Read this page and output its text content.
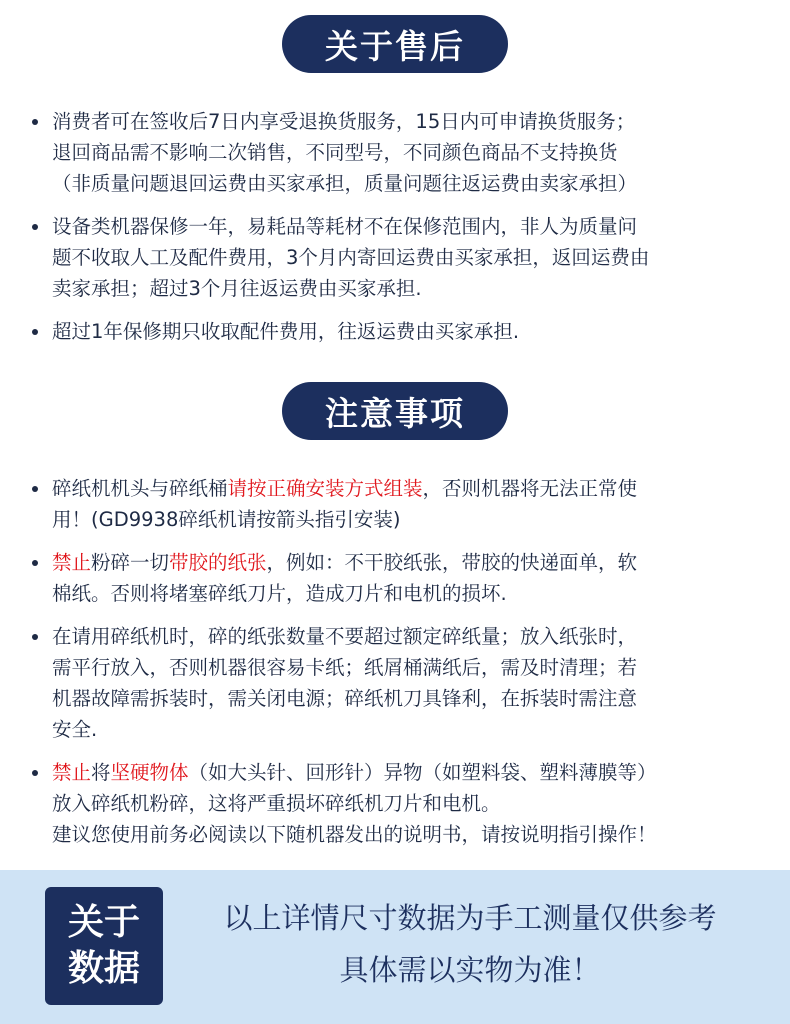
关于售后
消费者可在签收后7日内享受退换货服务，15日内可申请换货服务；
退回商品需不影响二次销售，不同型号，不同颜色商品不支持换货
（非质量问题退回运费由买家承担，质量问题往返运费由卖家承担）
设备类机器保修一年，易耗品等耗材不在保修范围内，非人为质量问
题不收取人工及配件费用，3个月内寄回运费由买家承担，返回运费由
卖家承担；超过3个月往返运费由买家承担.
超过1年保修期只收取配件费用，往返运费由买家承担.
注意事项
碎纸机机头与碎纸桶请按正确安装方式组装，否则机器将无法正常使
用！(GD9938碎纸机请按箭头指引安装)
禁止粉碎一切带胶的纸张，例如：不干胶纸张，带胶的快递面单，软
棉纸。否则将堵塞碎纸刀片，造成刀片和电机的损坏.
在请用碎纸机时，碎的纸张数量不要超过额定碎纸量；放入纸张时，
需平行放入，否则机器很容易卡纸；纸屑桶满纸后，需及时清理；若
机器故障需拆装时，需关闭电源；碎纸机刀具锋利，在拆装时需注意
安全.
禁止将坚硬物体（如大头针、回形针）异物（如塑料袋、塑料薄膜等）
放入碎纸机粉碎，这将严重损坏碎纸机刀片和电机。
建议您使用前务必阅读以下随机器发出的说明书，请按说明指引操作！
关于
数据
以上详情尺寸数据为手工测量仅供参考
具体需以实物为准！
